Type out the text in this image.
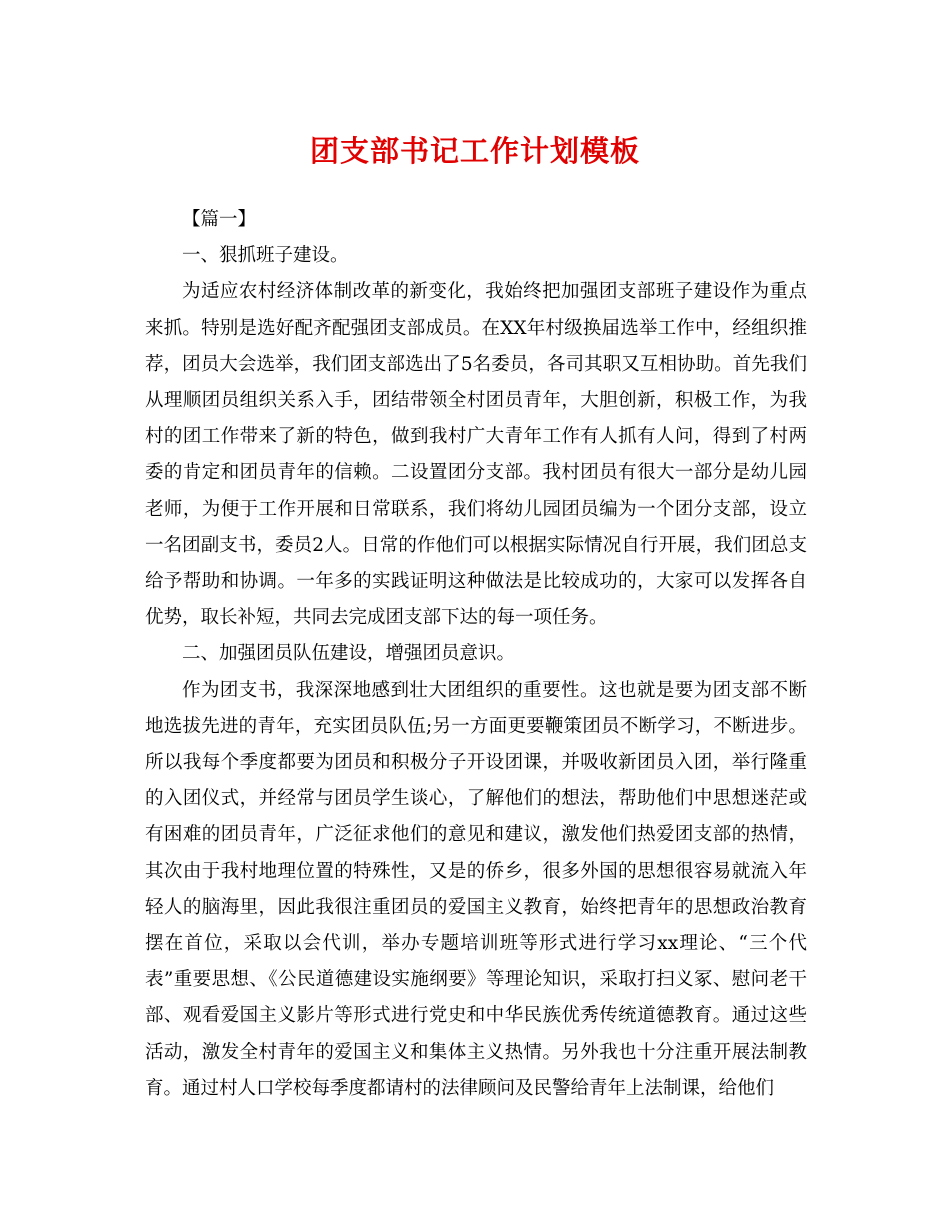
团支部书记工作计划模板

【篇一】

一、狠抓班子建设。

为适应农村经济体制改革的新变化，我始终把加强团支部班子建设作为重点来抓。特别是选好配齐配强团支部成员。在XX年村级换届选举工作中，经组织推荐，团员大会选举，我们团支部选出了5名委员，各司其职又互相协助。首先我们从理顺团员组织关系入手，团结带领全村团员青年，大胆创新，积极工作，为我村的团工作带来了新的特色，做到我村广大青年工作有人抓有人问，得到了村两委的肯定和团员青年的信赖。二设置团分支部。我村团员有很大一部分是幼儿园老师，为便于工作开展和日常联系，我们将幼儿园团员编为一个团分支部，设立一名团副支书，委员2人。日常的作他们可以根据实际情况自行开展，我们团总支给予帮助和协调。一年多的实践证明这种做法是比较成功的，大家可以发挥各自优势，取长补短，共同去完成团支部下达的每一项任务。

二、加强团员队伍建设，增强团员意识。

作为团支书，我深深地感到壮大团组织的重要性。这也就是要为团支部不断地选拔先进的青年，充实团员队伍;另一方面更要鞭策团员不断学习，不断进步。所以我每个季度都要为团员和积极分子开设团课，并吸收新团员入团，举行隆重的入团仪式，并经常与团员学生谈心，了解他们的想法，帮助他们中思想迷茫或有困难的团员青年，广泛征求他们的意见和建议，激发他们热爱团支部的热情，其次由于我村地理位置的特殊性，又是的侨乡，很多外国的思想很容易就流入年轻人的脑海里，因此我很注重团员的爱国主义教育，始终把青年的思想政治教育摆在首位，采取以会代训，举办专题培训班等形式进行学习xx理论、“三个代表”重要思想、《公民道德建设实施纲要》等理论知识，采取打扫义冢、慰问老干部、观看爱国主义影片等形式进行党史和中华民族优秀传统道德教育。通过这些活动，激发全村青年的爱国主义和集体主义热情。另外我也十分注重开展法制教育。通过村人口学校每季度都请村的法律顾问及民警给青年上法制课，给他们
